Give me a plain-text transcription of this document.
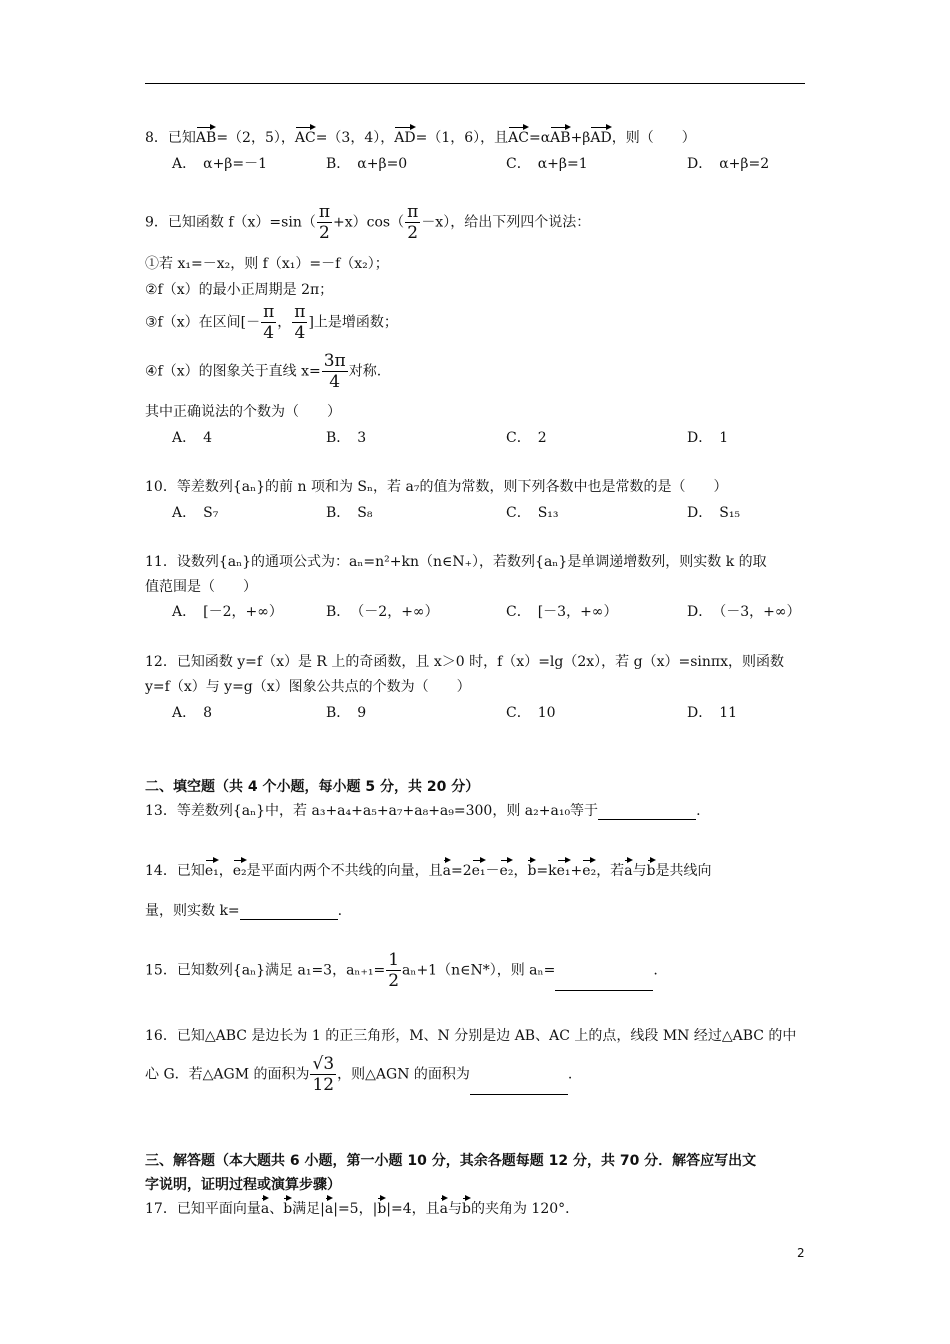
8．已知AB=（2，5），AC=（3，4），AD=（1，6），且AC=αAB+βAD，则（　　）
A．　α+β=－1	B．　α+β=0	C．　α+β=1	D．　α+β=2
9．已知函数 $f(x)=\sin( \frac{\pi}{2} +x)\cos( \frac{\pi}{2} -x)$，给出下列四个说法：
①若 x₁=－x₂，则 f（x₁）=－f（x₂）；
②f（x）的最小正周期是 2π；
③f（x）在区间[－ $\frac{\pi}{4}$ ， $\frac{\pi}{4}$ ]上是增函数；
④f（x）的图象关于直线 $x= \frac{3\pi}{4}$ 对称.
其中正确说法的个数为（　　）
A．　4	B．　3	C．　2	D．　1
10．等差数列{aₙ}的前 n 项和为 Sₙ，若 a₇的值为常数，则下列各数中也是常数的是（　　）
A．　S₇	B．　S₈	C．　S₁₃	D．　S₁₅
11．设数列{aₙ}的通项公式为：aₙ=n²+kn（n∈N₊），若数列{aₙ}是单调递增数列，则实数 k 的取
值范围是（　　）
A．　[－2，+∞）	B．　（－2，+∞）	C．　[－3，+∞）	D．　（－3，+∞）
12．已知函数 y=f（x）是 R 上的奇函数，且 x＞0 时，f（x）=lg（2x），若 g（x）=sinπx，则函数
y=f（x）与 y=g（x）图象公共点的个数为（　　）
A．　8	B．　9	C．　10	D．　11
二、填空题（共 4 个小题，每小题 5 分，共 20 分）
13．等差数列{aₙ}中，若 a₃+a₄+a₅+a₇+a₈+a₉=300，则 a₂+a₁₀等于	.
14．已知e₁，e₂是平面内两个不共线的向量，且a=2e₁－e₂，b=ke₁+e₂，若a与b是共线向
量，则实数 k=	.
15．已知数列{aₙ}满足 a₁=3，$a_{n+1}= \frac{1}{2}$ aₙ+1（n∈N*），则 aₙ=	.
16．已知△ABC 是边长为 1 的正三角形，M、N 分别是边 AB、AC 上的点，线段 MN 经过△ABC 的中
心 G．若△AGM 的面积为 $\frac{√3}{12}$ ，则△AGN 的面积为	.
三、解答题（本大题共 6 小题，第一小题 10 分，其余各题每题 12 分，共 70 分．解答应写出文
字说明，证明过程或演算步骤）
17．已知平面向量a、b满足|a|=5，|b|=4，且a与b的夹角为 120°．
2
